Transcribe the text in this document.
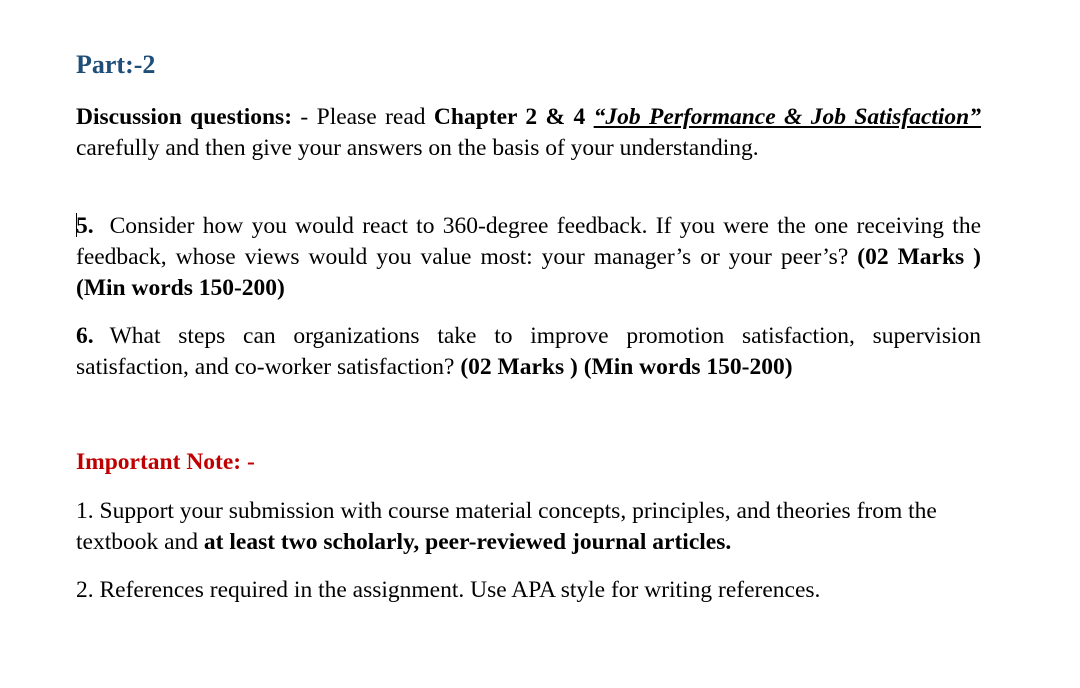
Part:-2

Discussion questions: - Please read Chapter 2 & 4 “Job Performance & Job Satisfaction” carefully and then give your answers on the basis of your understanding.

5. Consider how you would react to 360-degree feedback. If you were the one receiving the feedback, whose views would you value most: your manager’s or your peer’s? (02 Marks ) (Min words 150-200)

6. What steps can organizations take to improve promotion satisfaction, supervision satisfaction, and co-worker satisfaction? (02 Marks ) (Min words 150-200)

Important Note: -

1. Support your submission with course material concepts, principles, and theories from the textbook and at least two scholarly, peer-reviewed journal articles.

2. References required in the assignment. Use APA style for writing references.
